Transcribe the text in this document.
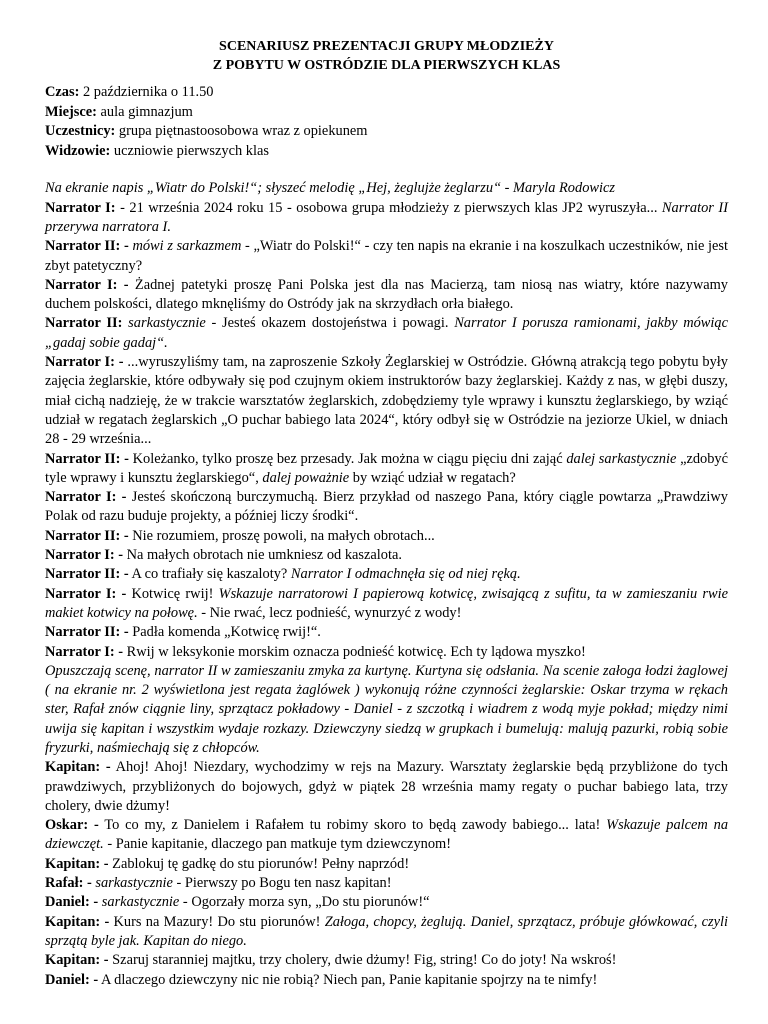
SCENARIUSZ PREZENTACJI GRUPY MŁODZIEŻY

Z POBYTU W OSTRÓDZIE DLA PIERWSZYCH KLAS

Czas: 2 października o 11.50
Miejsce: aula gimnazjum
Uczestnicy: grupa piętnastoosobowa wraz z opiekunem
Widzowie: uczniowie pierwszych klas

Na ekranie napis „Wiatr do Polski!“; słyszeć melodię „Hej, żeglujże żeglarzu“ - Maryla Rodowicz

Narrator I: - 21 września 2024 roku 15 - osobowa grupa młodzieży z pierwszych klas JP2 wyruszyła... Narrator II przerywa narratora I.

Narrator II: - mówi z sarkazmem - „Wiatr do Polski!“ - czy ten napis na ekranie i na koszulkach uczestników, nie jest zbyt patetyczny?

Narrator I: - Żadnej patetyki proszę Pani Polska jest dla nas Macierzą, tam niosą nas wiatry, które nazywamy duchem polskości, dlatego mknęliśmy do Ostródy jak na skrzydłach orła białego.

Narrator II: sarkastycznie - Jesteś okazem dostojeństwa i powagi. Narrator I porusza ramionami, jakby mówiąc „gadaj sobie gadaj“.

Narrator I: - ...wyruszyliśmy tam, na zaproszenie Szkoły Żeglarskiej w Ostródzie. Główną atrakcją tego pobytu były zajęcia żeglarskie, które odbywały się pod czujnym okiem instruktorów bazy żeglarskiej. Każdy z nas, w głębi duszy, miał cichą nadzieję, że w trakcie warsztatów żeglarskich, zdobędziemy tyle wprawy i kunsztu żeglarskiego, by wziąć udział w regatach żeglarskich „O puchar babiego lata 2024“, który odbył się w Ostródzie na jeziorze Ukiel, w dniach 28 - 29 września...

Narrator II: - Koleżanko, tylko proszę bez przesady. Jak można w ciągu pięciu dni zająć dalej sarkastycznie „zdobyć tyle wprawy i kunsztu żeglarskiego“, dalej poważnie by wziąć udział w regatach?

Narrator I: - Jesteś skończoną burczymuchą. Bierz przykład od naszego Pana, który ciągle powtarza „Prawdziwy Polak od razu buduje projekty, a później liczy środki“.

Narrator II: - Nie rozumiem, proszę powoli, na małych obrotach...

Narrator I: - Na małych obrotach nie umkniesz od kaszalota.

Narrator II: - A co trafiały się kaszaloty? Narrator I odmachnęła się od niej ręką.

Narrator I: - Kotwicę rwij! Wskazuje narratorowi I papierową kotwicę, zwisającą z sufitu, ta w zamieszaniu rwie makiet kotwicy na połowę. - Nie rwać, lecz podnieść, wynurzyć z wody!

Narrator II: - Padła komenda „Kotwicę rwij!“.

Narrator I: - Rwij w leksykonie morskim oznacza podnieść kotwicę. Ech ty lądowa myszko!

Opuszczają scenę, narrator II w zamieszaniu zmyka za kurtynę. Kurtyna się odsłania. Na scenie załoga łodzi żaglowej ( na ekranie nr. 2 wyświetlona jest regata żaglówek ) wykonują różne czynności żeglarskie: Oskar trzyma w rękach ster, Rafał znów ciągnie liny, sprzątacz pokładowy - Daniel - z szczotką i wiadrem z wodą myje pokład; między nimi uwija się kapitan i wszystkim wydaje rozkazy. Dziewczyny siedzą w grupkach i bumelują: malują pazurki, robią sobie fryzurki, naśmiechają się z chłopców.

Kapitan: - Ahoj! Ahoj! Niezdary, wychodzimy w rejs na Mazury. Warsztaty żeglarskie będą przybliżone do tych prawdziwych, przybliżonych do bojowych, gdyż w piątek 28 września mamy regaty o puchar babiego lata, trzy cholery, dwie dżumy!

Oskar: - To co my, z Danielem i Rafałem tu robimy skoro to będą zawody babiego... lata! Wskazuje palcem na dziewczęt. - Panie kapitanie, dlaczego pan matkuje tym dziewczynom!

Kapitan: - Zablokuj tę gadkę do stu piorunów! Pełny naprzód!

Rafał: - sarkastycznie - Pierwszy po Bogu ten nasz kapitan!

Daniel: - sarkastycznie - Ogorzały morza syn, „Do stu piorunów!“

Kapitan: - Kurs na Mazury! Do stu piorunów! Załoga, chopcy, żeglują. Daniel, sprzątacz, próbuje główkować, czyli sprzątą byle jak. Kapitan do niego.

Kapitan: - Szaruj staranniej majtku, trzy cholery, dwie dżumy! Fig, string! Co do joty! Na wskroś!

Daniel: - A dlaczego dziewczyny nic nie robią? Niech pan, Panie kapitanie spojrzy na te nimfy!
